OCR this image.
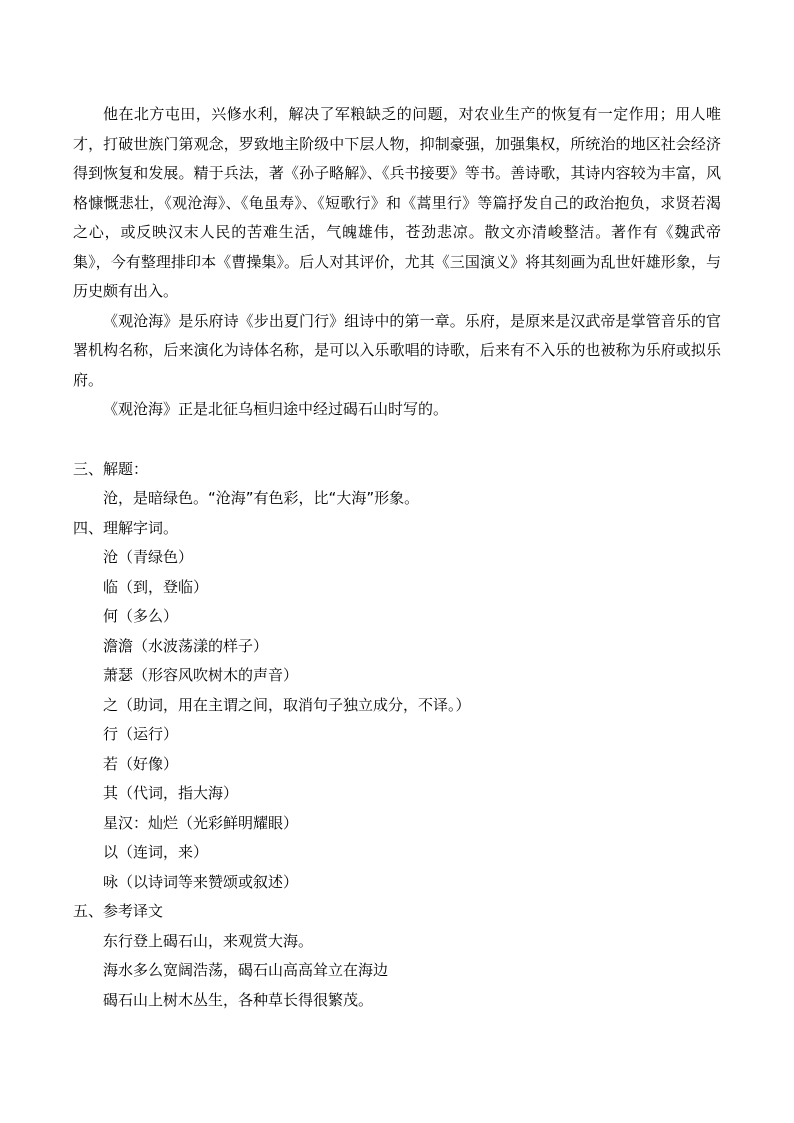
他在北方屯田，兴修水利，解决了军粮缺乏的问题，对农业生产的恢复有一定作用；用人唯才，打破世族门第观念，罗致地主阶级中下层人物，抑制豪强，加强集权，所统治的地区社会经济得到恢复和发展。精于兵法，著《孙子略解》、《兵书接要》等书。善诗歌，其诗内容较为丰富，风格慷慨悲壮，《观沧海》、《龟虽寿》、《短歌行》和《蒿里行》等篇抒发自己的政治抱负，求贤若渴之心，或反映汉末人民的苦难生活，气魄雄伟，苍劲悲凉。散文亦清峻整洁。著作有《魏武帝集》，今有整理排印本《曹操集》。后人对其评价，尤其《三国演义》将其刻画为乱世奸雄形象，与历史颇有出入。

《观沧海》是乐府诗《步出夏门行》组诗中的第一章。乐府，是原来是汉武帝是掌管音乐的官署机构名称，后来演化为诗体名称，是可以入乐歌唱的诗歌，后来有不入乐的也被称为乐府或拟乐府。

《观沧海》正是北征乌桓归途中经过碣石山时写的。

三、解题：

沧，是暗绿色。“沧海”有色彩，比“大海”形象。

四、理解字词。

沧（青绿色）

临（到，登临）

何（多么）

澹澹（水波荡漾的样子）

萧瑟（形容风吹树木的声音）

之（助词，用在主谓之间，取消句子独立成分，不译。）

行（运行）

若（好像）

其（代词，指大海）

星汉：灿烂（光彩鲜明耀眼）

以（连词，来）

咏（以诗词等来赞颂或叙述）

五、参考译文

东行登上碣石山，来观赏大海。

海水多么宽阔浩荡，碣石山高高耸立在海边

碣石山上树木丛生，各种草长得很繁茂。
